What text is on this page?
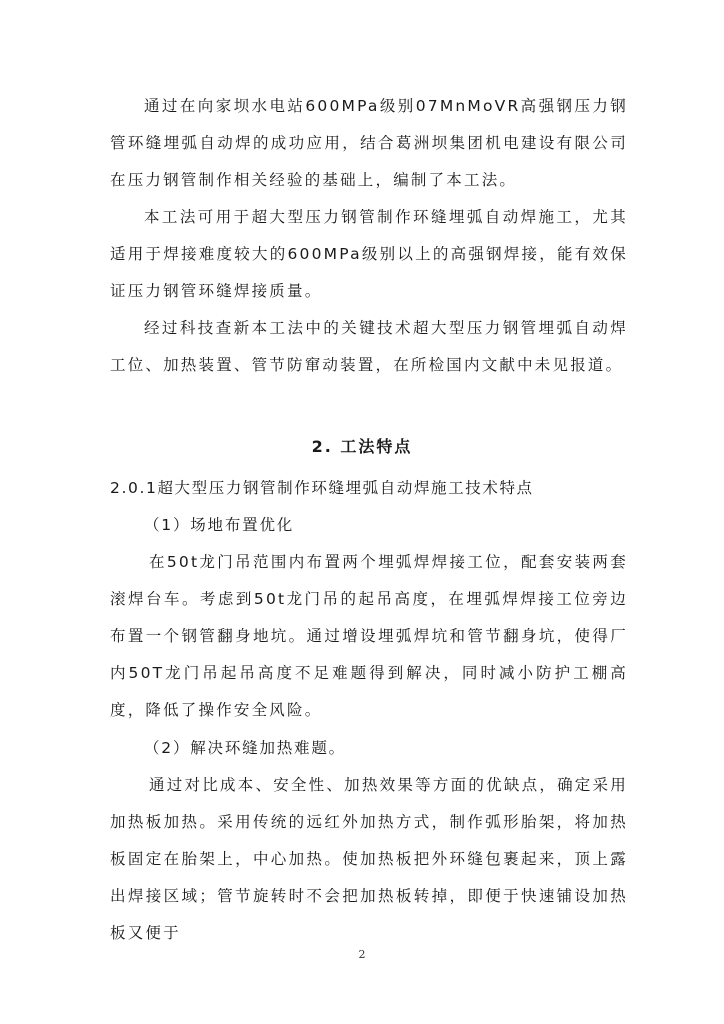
通过在向家坝水电站600MPa级别07MnMoVR高强钢压力钢管环缝埋弧自动焊的成功应用，结合葛洲坝集团机电建设有限公司在压力钢管制作相关经验的基础上，编制了本工法。

本工法可用于超大型压力钢管制作环缝埋弧自动焊施工，尤其适用于焊接难度较大的600MPa级别以上的高强钢焊接，能有效保证压力钢管环缝焊接质量。

经过科技查新本工法中的关键技术超大型压力钢管埋弧自动焊工位、加热装置、管节防窜动装置，在所检国内文献中未见报道。

2. 工法特点

2.0.1超大型压力钢管制作环缝埋弧自动焊施工技术特点

（1）场地布置优化

在50t龙门吊范围内布置两个埋弧焊焊接工位，配套安装两套滚焊台车。考虑到50t龙门吊的起吊高度，在埋弧焊焊接工位旁边布置一个钢管翻身地坑。通过增设埋弧焊坑和管节翻身坑，使得厂内50T龙门吊起吊高度不足难题得到解决，同时减小防护工棚高度，降低了操作安全风险。

（2）解决环缝加热难题。

通过对比成本、安全性、加热效果等方面的优缺点，确定采用加热板加热。采用传统的远红外加热方式，制作弧形胎架，将加热板固定在胎架上，中心加热。使加热板把外环缝包裹起来，顶上露出焊接区域；管节旋转时不会把加热板转掉，即便于快速铺设加热板又便于

2
